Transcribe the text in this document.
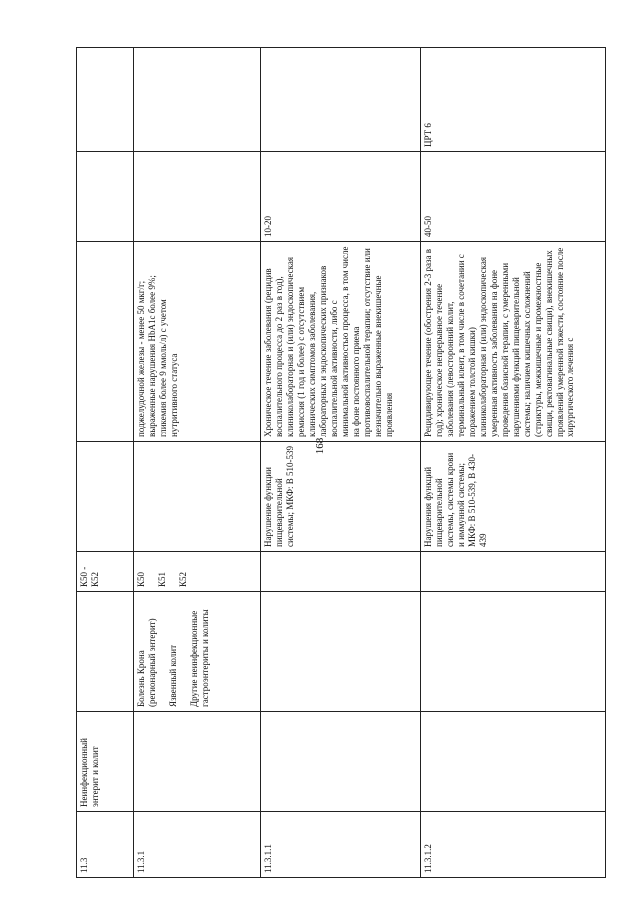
168
11.3	Неинфекционный энтерит и колит		К50 - К52				
11.3.1		Болезнь Крона (регионарный энтерит) Язвенный колит Другие неинфекционные гастроэнтериты и колиты	К50 К51 К52		поджелудочной железы - менее 50 мкг/г; выраженные нарушения HbA1c более 9%; гликемия более 9 ммоль/л) с учетом нутритивного статуса		
11.3.1.1				Нарушение функции пищеварительной системы; МКФ: В 510-539	Хроническое течение заболевания (рецидив воспалительного процесса до 2 раз в год), клиниколабораторная и (или) эндоскопическая ремиссия (1 год и более) с отсутствием клинических симптомов заболевания, лабораторных и эндоскопических признаков воспалительной активности, либо с минимальной активностью процесса, в том числе на фоне постоянного приема противовоспалительной терапии; отсутствие или незначительно выраженные внекишечные проявления	10-20	
11.3.1.2				Нарушения функций пищеварительной системы, системы крови и иммунной системы; МКФ: В 510-539, В 430-439	Рецидивирующее течение (обострения 2-3 раза в год); хроническое непрерывное течение заболевания (левосторонний колит, терминальный илеит, в том числе в сочетании с поражением толстой кишки) клиниколабораторная и (или) эндоскопическая умеренная активность заболевания на фоне проведения базисной терапии, с умеренными нарушениями функций пищеварительной системы; наличием кишечных осложнений (стриктуры, межкишечные и промежностные свищи, ректовагинальные свищи), внекишечных проявлений умеренной тяжести, состояние после хирургического лечения с	40-50	ЦРТ 6
